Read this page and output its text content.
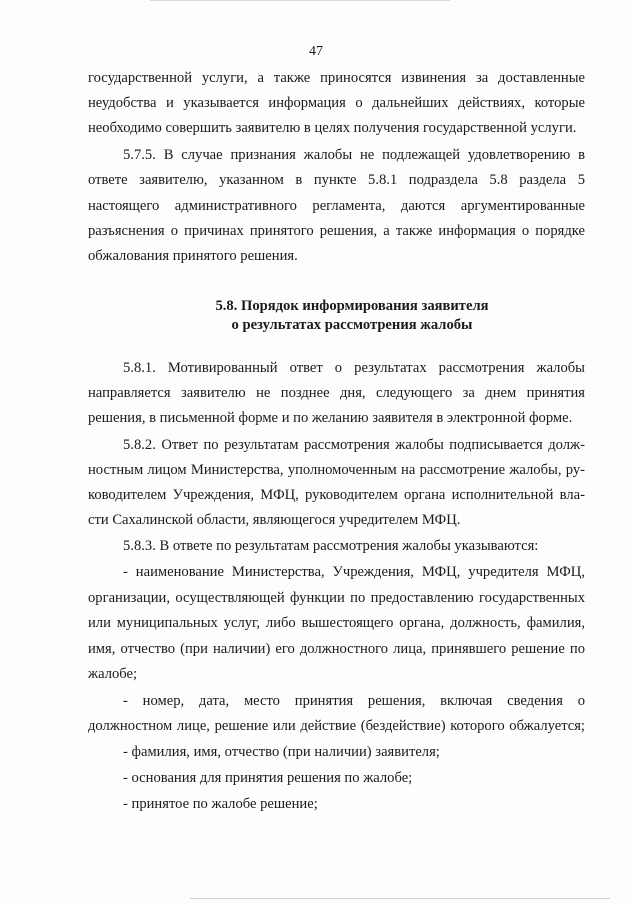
47
государственной услуги, а также приносятся извинения за доставленные
неудобства и указывается информация о дальнейших действиях, которые
необходимо совершить заявителю в целях получения государственной услуги.
5.7.5. В случае признания жалобы не подлежащей удовлетворению в
ответе заявителю, указанном в пункте 5.8.1 подраздела 5.8 раздела 5
настоящего административного регламента, даются аргументированные
разъяснения о причинах принятого решения, а также информация о порядке
обжалования принятого решения.
5.8. Порядок информирования заявителя
о результатах рассмотрения жалобы
5.8.1. Мотивированный ответ о результатах рассмотрения жалобы
направляется заявителю не позднее дня, следующего за днем принятия
решения, в письменной форме и по желанию заявителя в электронной форме.
5.8.2. Ответ по результатам рассмотрения жалобы подписывается долж-
ностным лицом Министерства, уполномоченным на рассмотрение жалобы, ру-
ководителем Учреждения, МФЦ, руководителем органа исполнительной вла-
сти Сахалинской области, являющегося учредителем МФЦ.
5.8.3. В ответе по результатам рассмотрения жалобы указываются:
- наименование Министерства, Учреждения, МФЦ, учредителя МФЦ,
организации, осуществляющей функции по предоставлению государственных
или муниципальных услуг, либо вышестоящего органа, должность, фамилия,
имя, отчество (при наличии) его должностного лица, принявшего решение по
жалобе;
- номер, дата, место принятия решения, включая сведения о
должностном лице, решение или действие (бездействие) которого обжалуется;
- фамилия, имя, отчество (при наличии) заявителя;
- основания для принятия решения по жалобе;
- принятое по жалобе решение;
